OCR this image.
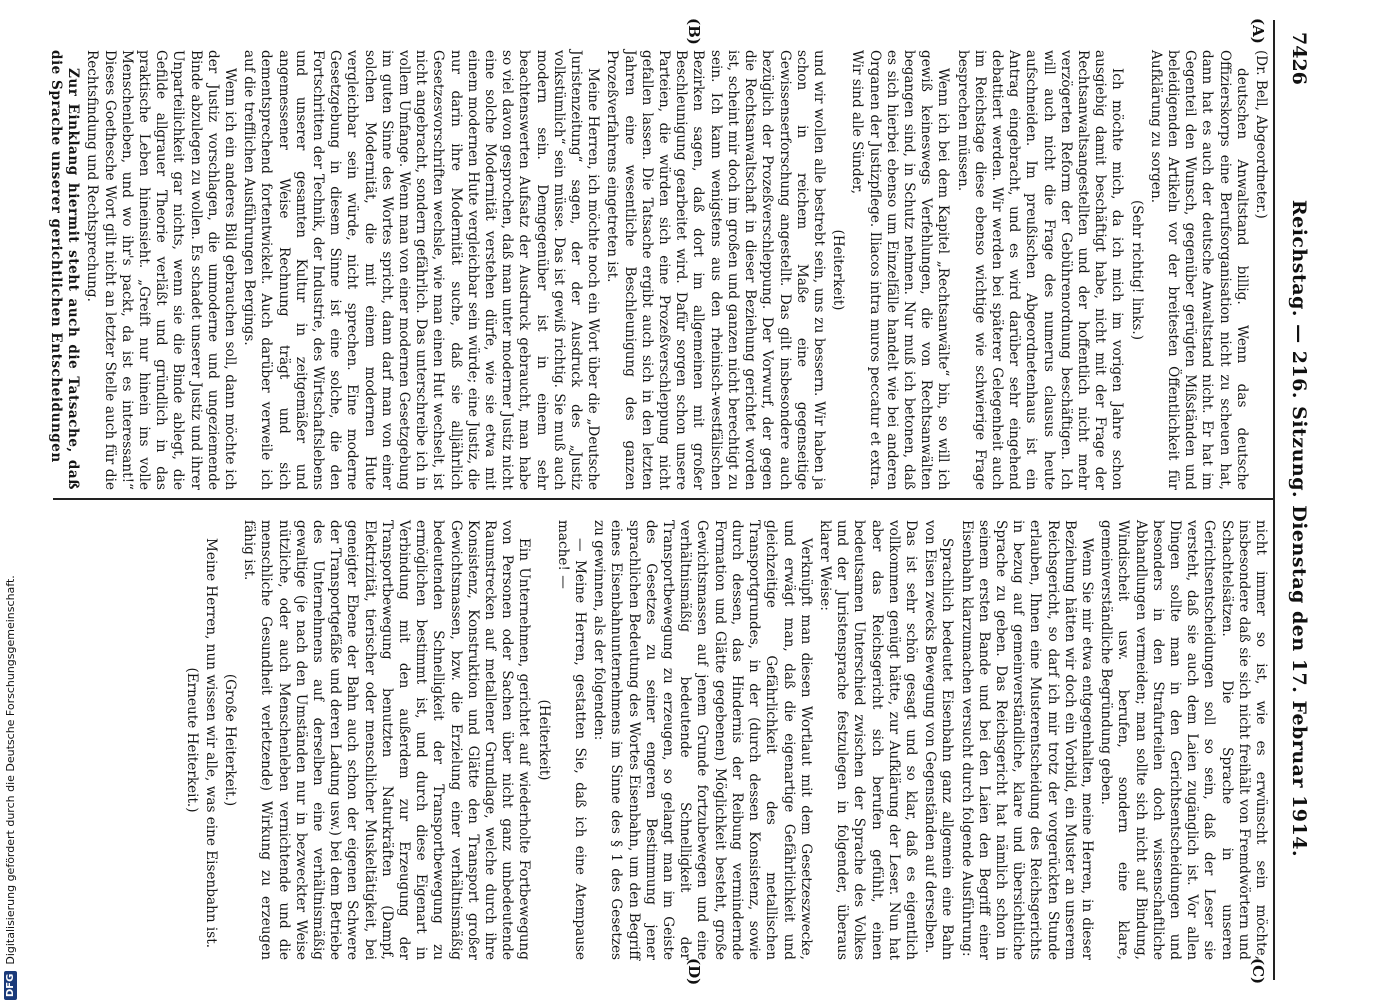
7426
Reichstag. — 216. Sitzung. Dienstag den 17. Februar 1914.
(A)
(B)
(C)
(D)

(Dr. Bell, Abgeordneter.)

deutschen Anwaltstand billig. Wenn das deutsche Offizierskorps eine Berufsorganisation nicht zu scheuen hat, dann hat es auch der deutsche Anwaltstand nicht. Er hat im Gegenteil den Wunsch, gegenüber gerügten Mißständen und beleidigenden Artikeln vor der breitesten Öffentlichkeit für Aufklärung zu sorgen.

(Sehr richtig! links.)

Ich möchte mich, da ich mich im vorigen Jahre schon ausgiebig damit beschäftigt habe, nicht mit der Frage der Rechtsanwaltsangestellten und der hoffentlich nicht mehr verzögerten Reform der Gebührenordnung beschäftigen. Ich will auch nicht die Frage des numerus clausus heute aufschneiden. Im preußischen Abgeordnetenhaus ist ein Antrag eingebracht, und es wird darüber sehr eingehend debattiert werden. Wir werden bei späterer Gelegenheit auch im Reichstage diese ebenso wichtige wie schwierige Frage besprechen müssen.

Wenn ich bei dem Kapitel „Rechtsanwälte“ bin, so will ich gewiß keineswegs Verfehlungen, die von Rechtsanwälten begangen sind, in Schutz nehmen. Nur muß ich betonen, daß es sich hierbei ebenso um Einzelfälle handelt wie bei anderen Organen der Justizpflege. Iliacos intra muros peccatur et extra. Wir sind alle Sünder,

(Heiterkeit)

und wir wollen alle bestrebt sein, uns zu bessern. Wir haben ja schon in reichem Maße eine gegenseitige Gewissenserforschung angestellt. Das gilt insbesondere auch bezüglich der Prozeßverschleppung. Der Vorwurf, der gegen die Rechtsanwaltschaft in dieser Beziehung gerichtet worden ist, scheint mir doch im großen und ganzen nicht berechtigt zu sein. Ich kann wenigstens aus den rheinisch-westfälischen Bezirken sagen, daß dort im allgemeinen mit großer Beschleunigung gearbeitet wird. Dafür sorgen schon unsere Parteien, die würden sich eine Prozeßverschleppung nicht gefallen lassen. Die Tatsache ergibt auch sich in den letzten Jahren eine wesentliche Beschleunigung des ganzen Prozeßverfahrens eingetreten ist.

Meine Herren, ich möchte noch ein Wort über die „Deutsche Juristenzeitung“ sagen, der der Ausdruck des „Justiz volkstümlich“ sein müsse. Das ist gewiß richtig. Sie muß auch modern sein. Demgegenüber ist in einem sehr beachtenswerten Aufsatz der Ausdruck gebraucht, man habe so viel davon gesprochen, daß man unter moderner Justiz nicht eine solche Modernität verstehen dürfe, wie sie etwa mit einem modernen Hute vergleichbar sein würde; eine Justiz, die nur darin ihre Modernität suche, daß sie alljährlich Gesetzesvorschriften wechsle, wie man einen Hut wechselt, ist nicht angebracht, sondern gefährlich. Das unterschreibe ich in vollem Umfange. Wenn man von einer modernen Gesetzgebung im guten Sinne des Wortes spricht, dann darf man von einer solchen Modernität, die mit einem modernen Hute vergleichbar sein würde, nicht sprechen. Eine moderne Gesetzgebung in diesem Sinne ist eine solche, die den Fortschritten der Technik, der Industrie, des Wirtschaftslebens und unserer gesamten Kultur in zeitgemäßer und angemessener Weise Rechnung trägt und sich dementsprechend fortentwickelt. Auch darüber verweile ich auf die trefflichen Ausführungen Bergings.

Wenn ich ein anderes Bild gebrauchen soll, dann möchte ich der Justiz vorschlagen, die unmoderne und ungeziemende Binde abzulegen zu wollen. Es schadet unserer Justiz und ihrer Unparteilichkeit gar nichts, wenn sie die Binde ablegt, die Gefilde allgrauer Theorie verläßt und gründlich in das praktische Leben hineinsieht. „Greift nur hinein ins volle Menschenleben, und wo ihr's packt, da ist es interessant!“ Dieses Goethesche Wort gilt nicht an letzter Stelle auch für die Rechtsfindung und Rechtsprechung.

Zur Einklang hiermit steht auch die Tatsache, daß die Sprache unserer gerichtlichen Entscheidungen

nicht immer so ist, wie es erwünscht sein möchte, insbesondere daß sie sich nicht freihält von Fremdwörtern und Schachtelsätzen. Die Sprache in unseren Gerichtsentscheidungen soll so sein, daß der Leser sie versteht, daß sie auch dem Laien zugänglich ist. Vor allen Dingen sollte man in den Gerichtsentscheidungen und besonders in den Strafurteilen doch wissenschaftliche Abhandlungen vermeiden; man sollte sich nicht auf Bindung, Windischeit usw. berufen, sondern eine klare, gemeinverständliche Begründung geben.

Wenn Sie mir etwa entgegenhalten, meine Herren, in dieser Beziehung hätten wir doch ein Vorbild, ein Muster an unserem Reichsgericht, so darf ich mir trotz der vorgerückten Stunde erlauben, Ihnen eine Musterentscheidung des Reichsgerichts in bezug auf gemeinverständliche, klare und übersichtliche Sprache zu geben. Das Reichsgericht hat nämlich schon in seinem ersten Bande und bei den Laien den Begriff einer Eisenbahn klarzumachen versucht durch folgende Ausführung:

Sprachlich bedeutet Eisenbahn ganz allgemein eine Bahn von Eisen zwecks Bewegung von Gegenständen auf derselben.

Das ist sehr schön gesagt und so klar, daß es eigentlich vollkommen genügt hätte, zur Aufklärung der Leser. Nun hat aber das Reichsgericht sich berufen gefühlt, einen bedeutsamen Unterschied zwischen der Sprache des Volkes und der Juristensprache festzulegen in folgender, überaus klarer Weise:

Verknüpft man diesen Wortlaut mit dem Gesetzeszwecke, und erwägt man, daß die eigenartige Gefährlichkeit und gleichzeitige Gefährlichkeit des metallischen Transportgrundes, in der (durch dessen Konsistenz, sowie durch dessen, das Hindernis der Reibung vermindernde Formation und Glätte gegebenen) Möglichkeit besteht, große Gewichtsmassen auf jenem Grunde fortzubewegen und eine verhältnismäßig bedeutende Schnelligkeit der Transportbewegung zu erzeugen, so gelangt man im Geiste des Gesetzes zu seiner engeren Bestimmung jener sprachlichen Bedeutung des Wortes Eisenbahn, um den Begriff eines Eisenbahnunternehmens im Sinne des § 1 des Gesetzes zu gewinnen, als der folgenden:

— Meine Herren, gestatten Sie, daß ich eine Atempause mache! —

(Heiterkeit)

Ein Unternehmen, gerichtet auf wiederholte Fortbewegung von Personen oder Sachen über nicht ganz unbedeutende Raumstrecken auf metallener Grundlage, welche durch ihre Konsistenz, Konstruktion und Glätte den Transport großer Gewichtsmassen, bzw. die Erzielung einer verhältnismäßig bedeutenden Schnelligkeit der Transportbewegung zu ermöglichen bestimmt ist, und durch diese Eigenart in Verbindung mit den außerdem zur Erzeugung der Transportbewegung benutzten Naturkräften (Dampf, Elektrizität, tierischer oder menschlicher Muskeltätigkeit, bei geneigter Ebene der Bahn auch schon der eigenen Schwere der Transportgefäße und deren Ladung usw.) bei dem Betriebe des Unternehmens auf derselben eine verhältnismäßig gewaltige (je nach den Umständen nur in bezweckter Weise nützliche, oder auch Menschenleben vernichtende und die menschliche Gesundheit verletzende) Wirkung zu erzeugen fähig ist.

(Große Heiterkeit.)

Meine Herren, nun wissen wir alle, was eine Eisenbahn ist.

(Erneute Heiterkeit.)

DFG
Digitalisierung gefördert durch die Deutsche Forschungsgemeinschaft.
